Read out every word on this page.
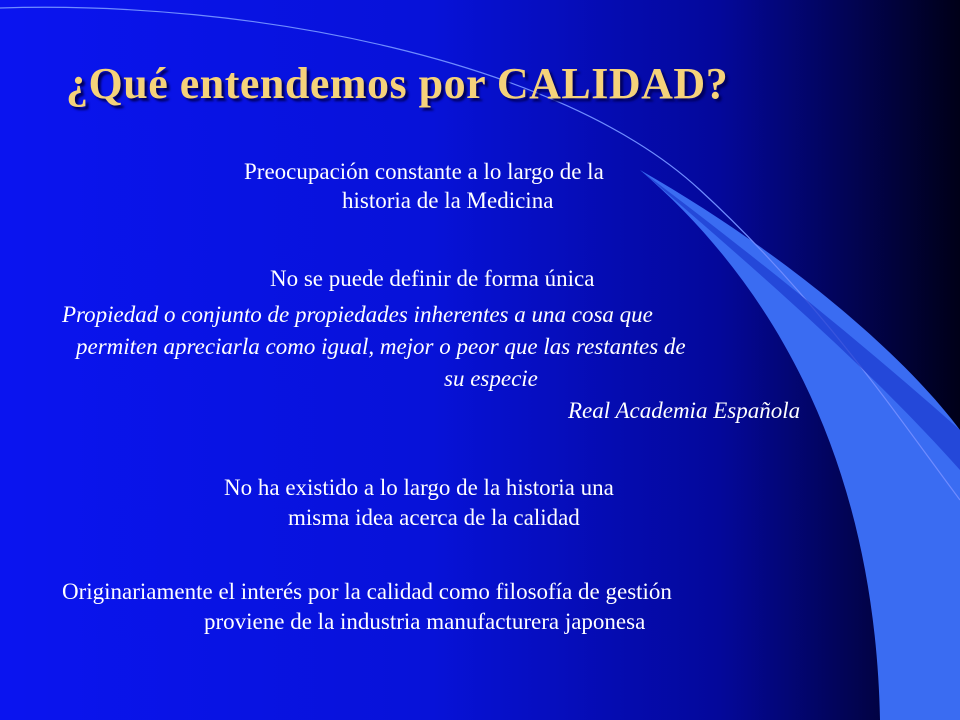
¿Qué entendemos por CALIDAD?
Preocupación constante a lo largo de la
historia de la Medicina
No se puede definir de forma única
Propiedad o conjunto de propiedades inherentes a una cosa que
permiten apreciarla como igual, mejor o peor que las restantes de
su especie
Real Academia Española
No ha existido a lo largo de la historia una
misma idea acerca de la calidad
Originariamente el interés por la calidad como filosofía de gestión
proviene de la industria manufacturera japonesa
